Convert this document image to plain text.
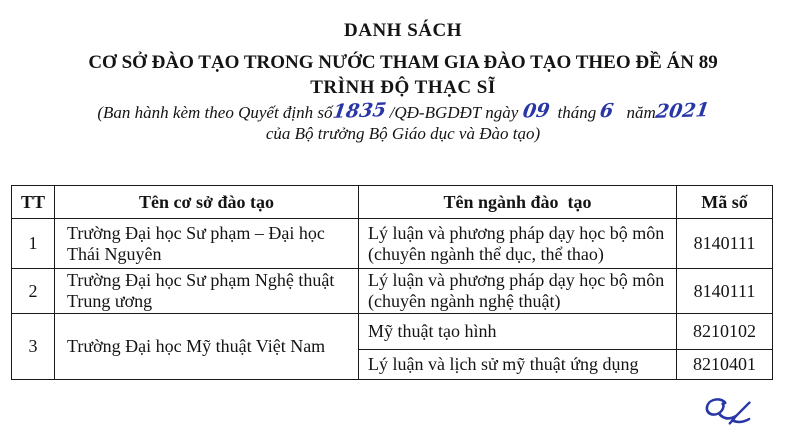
DANH SÁCH
CƠ SỞ ĐÀO TẠO TRONG NƯỚC THAM GIA ĐÀO TẠO THEO ĐỀ ÁN 89
TRÌNH ĐỘ THẠC SĨ
(Ban hành kèm theo Quyết định số1835 /QĐ-BGDĐT ngày 09  tháng 6   năm2021
của Bộ trưởng Bộ Giáo dục và Đào tạo)
TT	Tên cơ sở đào tạo	Tên ngành đào  tạo	Mã số
1	Trường Đại học Sư phạm – Đại học Thái Nguyên	Lý luận và phương pháp dạy học bộ môn (chuyên ngành thể dục, thể thao)	8140111
2	Trường Đại học Sư phạm Nghệ thuật Trung ương	Lý luận và phương pháp dạy học bộ môn (chuyên ngành nghệ thuật)	8140111
3	Trường Đại học Mỹ thuật Việt Nam	Mỹ thuật tạo hình	8210102
		Lý luận và lịch sử mỹ thuật ứng dụng	8210401
